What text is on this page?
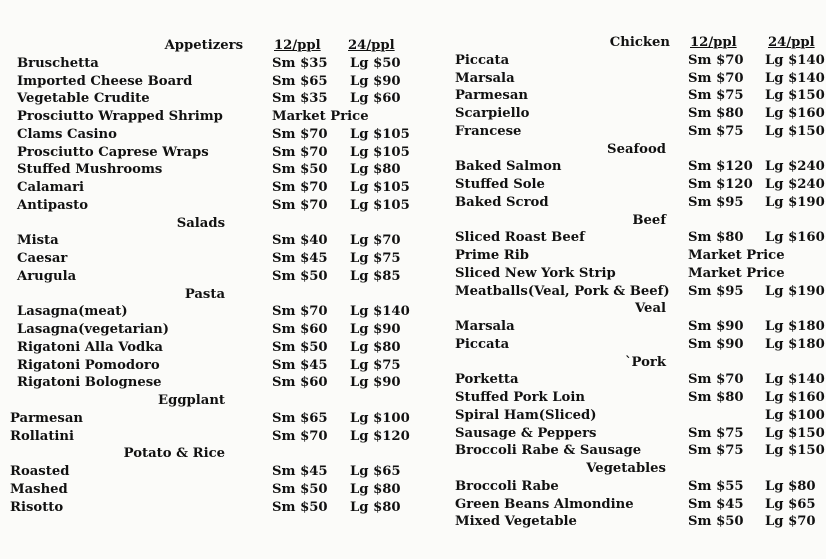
Appetizers 12/ppl 24/ppl
Bruschetta	Sm $35 Lg $50
Imported Cheese Board	Sm $65 Lg $90
Vegetable Crudite	Sm $35 Lg $60
Prosciutto Wrapped Shrimp	Market Price
Clams Casino	Sm $70 Lg $105
Prosciutto Caprese Wraps	Sm $70 Lg $105
Stuffed Mushrooms	Sm $50 Lg $80
Calamari	Sm $70 Lg $105
Antipasto	Sm $70 Lg $105
Salads
Mista	Sm $40 Lg $70
Caesar	Sm $45 Lg $75
Arugula	Sm $50 Lg $85
Pasta
Lasagna(meat)	Sm $70 Lg $140
Lasagna(vegetarian)	Sm $60 Lg $90
Rigatoni Alla Vodka	Sm $50 Lg $80
Rigatoni Pomodoro	Sm $45 Lg $75
Rigatoni Bolognese	Sm $60 Lg $90
Eggplant
Parmesan	Sm $65 Lg $100
Rollatini	Sm $70 Lg $120
Potato & Rice
Roasted	Sm $45 Lg $65
Mashed	Sm $50 Lg $80
Risotto	Sm $50 Lg $80
Chicken 12/ppl 24/ppl
Piccata	Sm $70 Lg $140
Marsala	Sm $70 Lg $140
Parmesan	Sm $75 Lg $150
Scarpiello	Sm $80 Lg $160
Francese	Sm $75 Lg $150
Seafood
Baked Salmon	Sm $120 Lg $240
Stuffed Sole	Sm $120 Lg $240
Baked Scrod	Sm $95 Lg $190
Beef
Sliced Roast Beef	Sm $80 Lg $160
Prime Rib	Market Price
Sliced New York Strip	Market Price
Meatballs(Veal, Pork & Beef) Sm $95 Lg $190
Veal
Marsala	Sm $90 Lg $180
Piccata	Sm $90 Lg $180
`Pork
Porketta	Sm $70 Lg $140
Stuffed Pork Loin	Sm $80 Lg $160
Spiral Ham(Sliced)	Lg $100
Sausage & Peppers	Sm $75 Lg $150
Broccoli Rabe & Sausage	Sm $75 Lg $150
Vegetables
Broccoli Rabe	Sm $55 Lg $80
Green Beans Almondine	Sm $45 Lg $65
Mixed Vegetable	Sm $50 Lg $70
